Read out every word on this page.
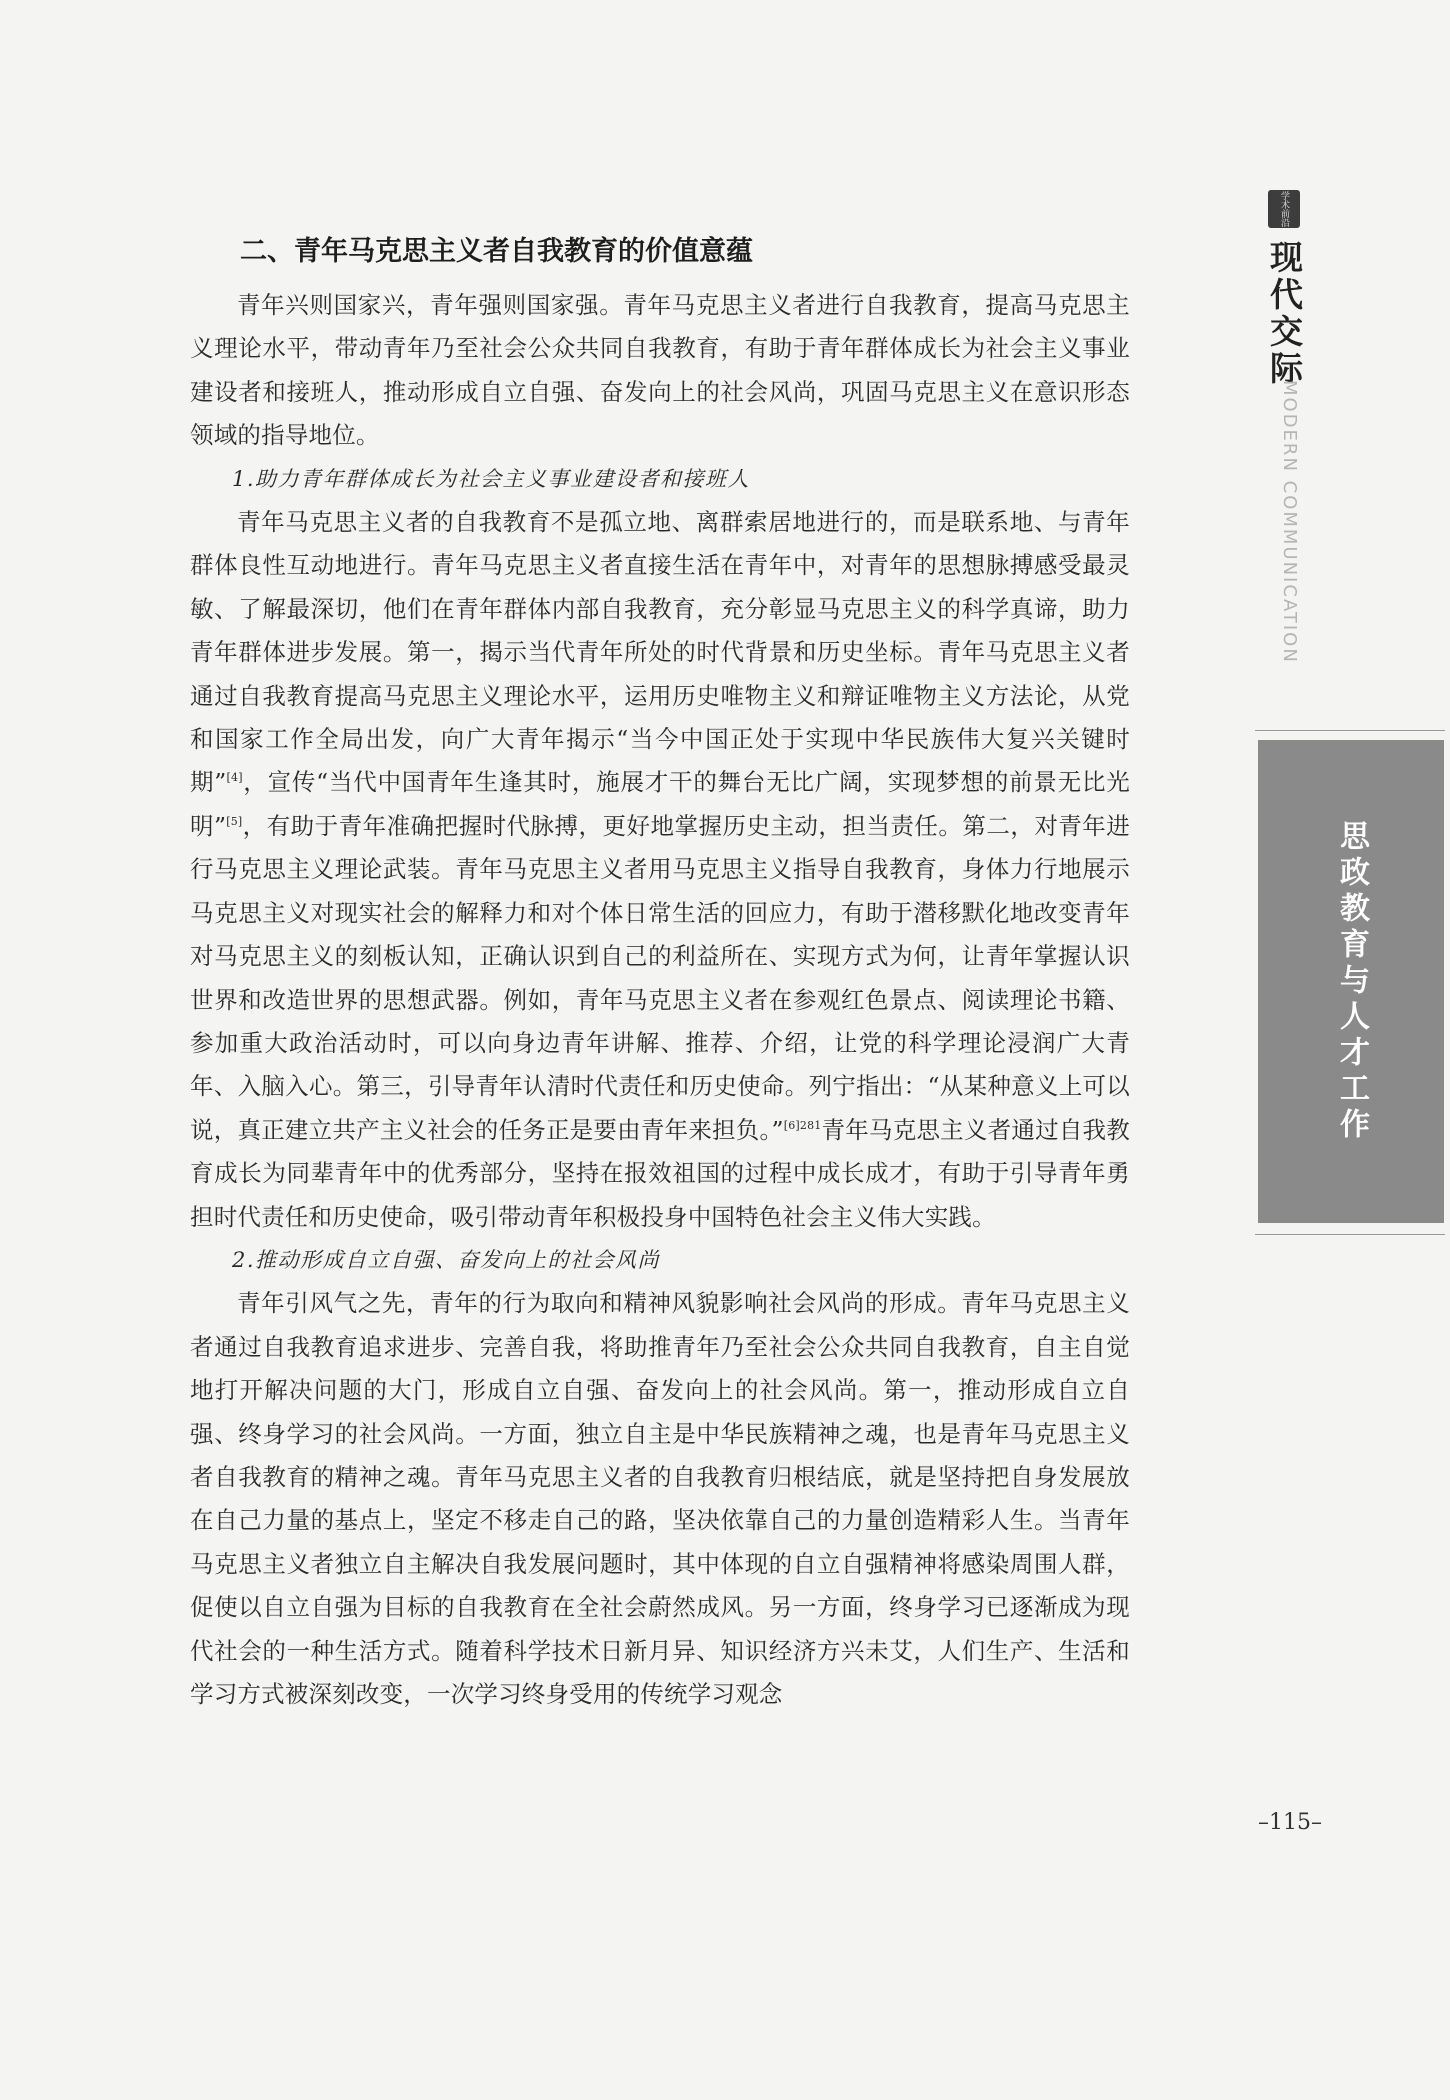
二、青年马克思主义者自我教育的价值意蕴

青年兴则国家兴，青年强则国家强。青年马克思主义者进行自我教育，提高马克思主义理论水平，带动青年乃至社会公众共同自我教育，有助于青年群体成长为社会主义事业建设者和接班人，推动形成自立自强、奋发向上的社会风尚，巩固马克思主义在意识形态领域的指导地位。

1.助力青年群体成长为社会主义事业建设者和接班人

青年马克思主义者的自我教育不是孤立地、离群索居地进行的，而是联系地、与青年群体良性互动地进行。青年马克思主义者直接生活在青年中，对青年的思想脉搏感受最灵敏、了解最深切，他们在青年群体内部自我教育，充分彰显马克思主义的科学真谛，助力青年群体进步发展。第一，揭示当代青年所处的时代背景和历史坐标。青年马克思主义者通过自我教育提高马克思主义理论水平，运用历史唯物主义和辩证唯物主义方法论，从党和国家工作全局出发，向广大青年揭示“当今中国正处于实现中华民族伟大复兴关键时期”[4]，宣传“当代中国青年生逢其时，施展才干的舞台无比广阔，实现梦想的前景无比光明”[5]，有助于青年准确把握时代脉搏，更好地掌握历史主动，担当责任。第二，对青年进行马克思主义理论武装。青年马克思主义者用马克思主义指导自我教育，身体力行地展示马克思主义对现实社会的解释力和对个体日常生活的回应力，有助于潜移默化地改变青年对马克思主义的刻板认知，正确认识到自己的利益所在、实现方式为何，让青年掌握认识世界和改造世界的思想武器。例如，青年马克思主义者在参观红色景点、阅读理论书籍、参加重大政治活动时，可以向身边青年讲解、推荐、介绍，让党的科学理论浸润广大青年、入脑入心。第三，引导青年认清时代责任和历史使命。列宁指出：“从某种意义上可以说，真正建立共产主义社会的任务正是要由青年来担负。”$^{[6]281}$青年马克思主义者通过自我教育成长为同辈青年中的优秀部分，坚持在报效祖国的过程中成长成才，有助于引导青年勇担时代责任和历史使命，吸引带动青年积极投身中国特色社会主义伟大实践。

2.推动形成自立自强、奋发向上的社会风尚

青年引风气之先，青年的行为取向和精神风貌影响社会风尚的形成。青年马克思主义者通过自我教育追求进步、完善自我，将助推青年乃至社会公众共同自我教育，自主自觉地打开解决问题的大门，形成自立自强、奋发向上的社会风尚。第一，推动形成自立自强、终身学习的社会风尚。一方面，独立自主是中华民族精神之魂，也是青年马克思主义者自我教育的精神之魂。青年马克思主义者的自我教育归根结底，就是坚持把自身发展放在自己力量的基点上，坚定不移走自己的路，坚决依靠自己的力量创造精彩人生。当青年马克思主义者独立自主解决自我发展问题时，其中体现的自立自强精神将感染周围人群，促使以自立自强为目标的自我教育在全社会蔚然成风。另一方面，终身学习已逐渐成为现代社会的一种生活方式。随着科学技术日新月异、知识经济方兴未艾，人们生产、生活和学习方式被深刻改变，一次学习终身受用的传统学习观念

学术前沿
现代交际
MODERN COMMUNICATION
思政教育与人才工作
–115–
